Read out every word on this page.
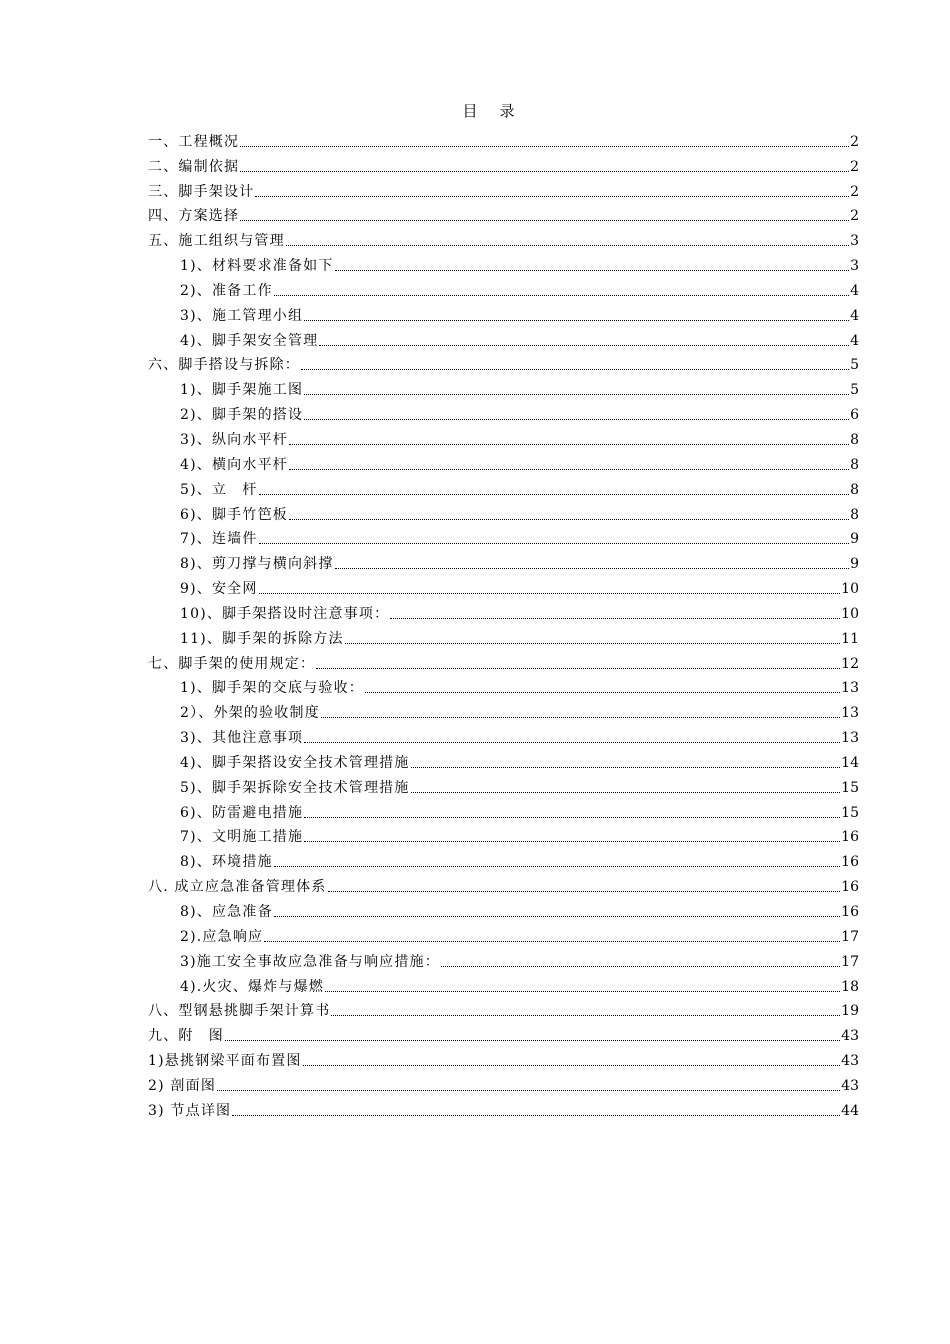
目 录
一、工程概况	2
二、编制依据	2
三、脚手架设计	2
四、方案选择	2
五、施工组织与管理	3
1)、材料要求准备如下	3
2)、准备工作	4
3)、施工管理小组	4
4)、脚手架安全管理	4
六、脚手搭设与拆除：	5
1)、脚手架施工图	5
2)、脚手架的搭设	6
3)、纵向水平杆	8
4)、横向水平杆	8
5)、立　杆	8
6)、脚手竹笆板	8
7)、连墙件	9
8)、剪刀撑与横向斜撑	9
9)、安全网	10
10)、脚手架搭设时注意事项：	10
11)、脚手架的拆除方法	11
七、脚手架的使用规定：	12
1)、脚手架的交底与验收：	13
2）、外架的验收制度	13
3)、其他注意事项	13
4)、脚手架搭设安全技术管理措施	14
5)、脚手架拆除安全技术管理措施	15
6)、防雷避电措施	15
7)、文明施工措施	16
8)、环境措施	16
八. 成立应急准备管理体系	16
8)、应急准备	16
2).应急响应	17
3)施工安全事故应急准备与响应措施：	17
4).火灾、爆炸与爆燃	18
八、型钢悬挑脚手架计算书	19
九、附　图	43
1)悬挑钢梁平面布置图	43
2) 剖面图	43
3) 节点详图	44
